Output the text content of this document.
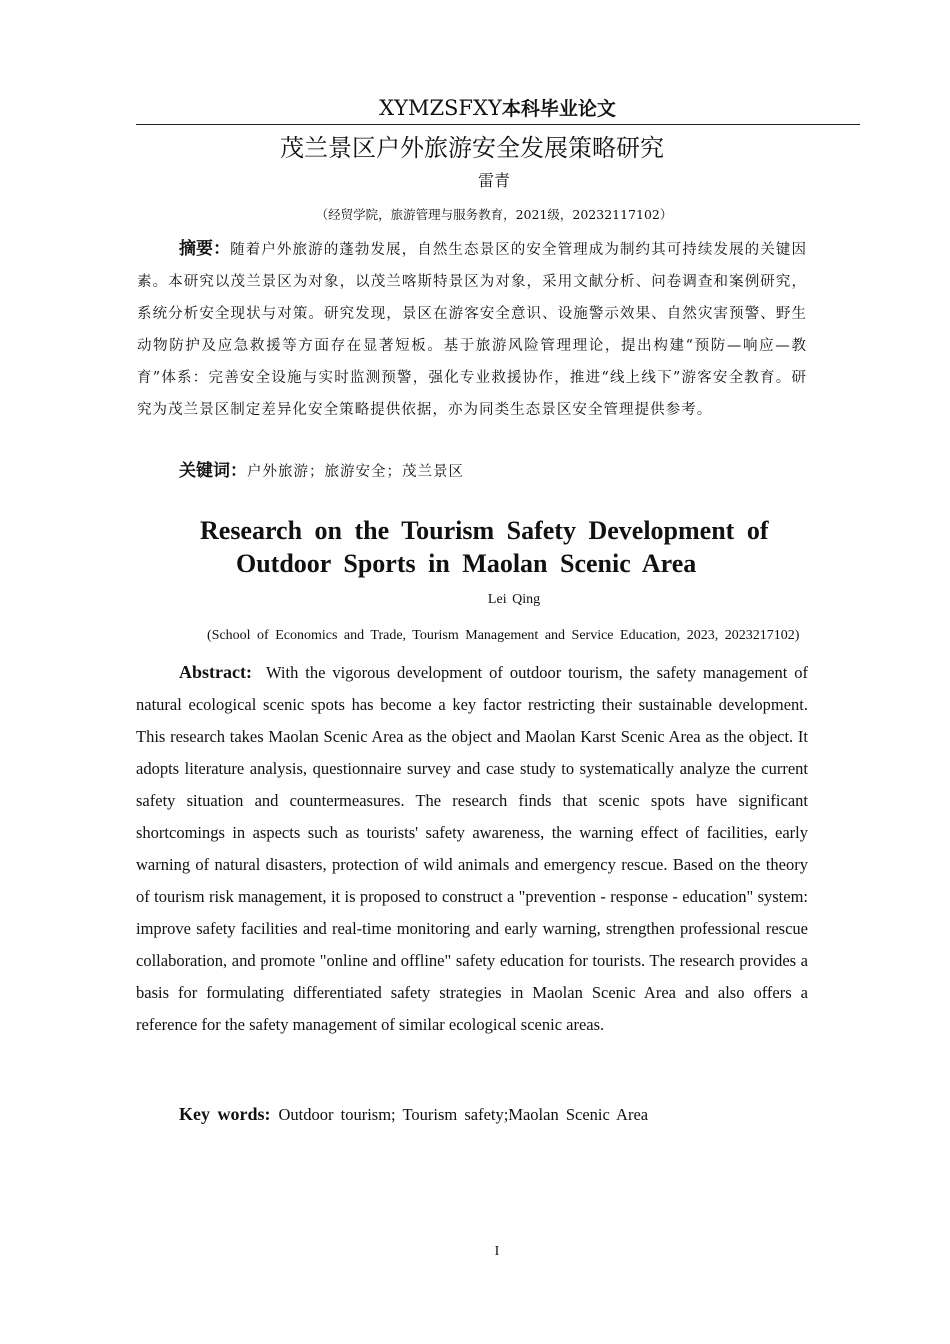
XYMZSFXY本科毕业论文
茂兰景区户外旅游安全发展策略研究
雷青
（经贸学院，旅游管理与服务教育，2021级，20232117102）
摘要：随着户外旅游的蓬勃发展，自然生态景区的安全管理成为制约其可持续发展的关键因素。本研究以茂兰景区为对象，以茂兰喀斯特景区为对象，采用文献分析、问卷调查和案例研究，系统分析安全现状与对策。研究发现，景区在游客安全意识、设施警示效果、自然灾害预警、野生动物防护及应急救援等方面存在显著短板。基于旅游风险管理理论，提出构建“预防—响应—教育”体系：完善安全设施与实时监测预警，强化专业救援协作，推进“线上线下”游客安全教育。研究为茂兰景区制定差异化安全策略提供依据，亦为同类生态景区安全管理提供参考。
关键词：户外旅游；旅游安全；茂兰景区
Research on the Tourism Safety Development of
Outdoor Sports in Maolan Scenic Area
Lei Qing
(School of Economics and Trade, Tourism Management and Service Education, 2023, 2023217102)
Abstract: With the vigorous development of outdoor tourism, the safety management of natural ecological scenic spots has become a key factor restricting their sustainable development. This research takes Maolan Scenic Area as the object and Maolan Karst Scenic Area as the object. It adopts literature analysis, questionnaire survey and case study to systematically analyze the current safety situation and countermeasures. The research finds that scenic spots have significant shortcomings in aspects such as tourists' safety awareness, the warning effect of facilities, early warning of natural disasters, protection of wild animals and emergency rescue. Based on the theory of tourism risk management, it is proposed to construct a "prevention - response - education" system: improve safety facilities and real-time monitoring and early warning, strengthen professional rescue collaboration, and promote "online and offline" safety education for tourists. The research provides a basis for formulating differentiated safety strategies in Maolan Scenic Area and also offers a reference for the safety management of similar ecological scenic areas.
Key words: Outdoor tourism; Tourism safety;Maolan Scenic Area
I
